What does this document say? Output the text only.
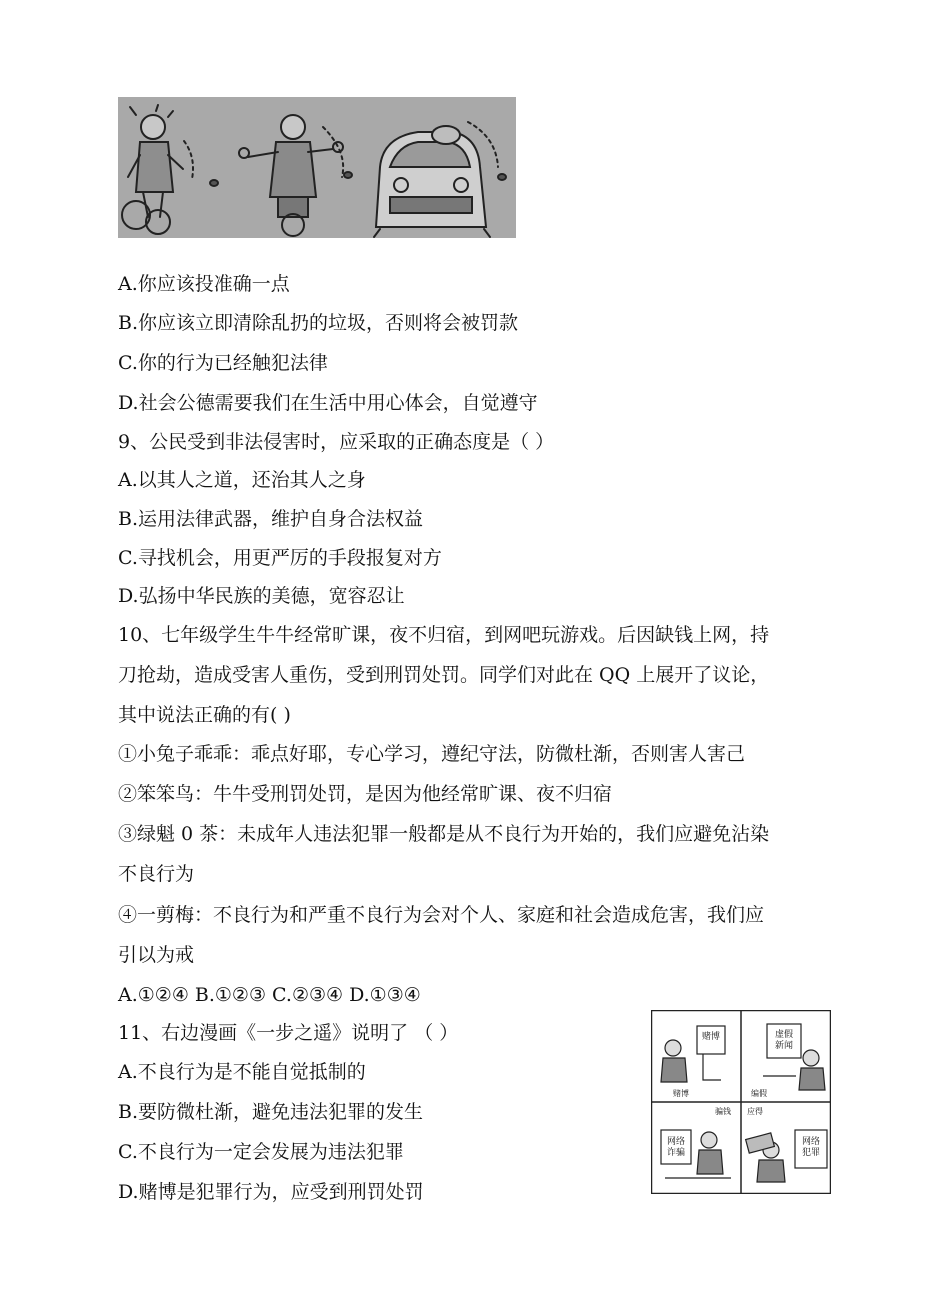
A.你应该投准确一点
B.你应该立即清除乱扔的垃圾，否则将会被罚款
C.你的行为已经触犯法律
D.社会公德需要我们在生活中用心体会，自觉遵守
9、公民受到非法侵害时，应采取的正确态度是（ ）
A.以其人之道，还治其人之身
B.运用法律武器，维护自身合法权益
C.寻找机会，用更严厉的手段报复对方
D.弘扬中华民族的美德，宽容忍让
10、七年级学生牛牛经常旷课，夜不归宿，到网吧玩游戏。后因缺钱上网，持
刀抢劫，造成受害人重伤，受到刑罚处罚。同学们对此在 QQ 上展开了议论，
其中说法正确的有( )
①小兔子乖乖：乖点好耶，专心学习，遵纪守法，防微杜渐，否则害人害己
②笨笨鸟：牛牛受刑罚处罚，是因为他经常旷课、夜不归宿
③绿魁 0 茶：未成年人违法犯罪一般都是从不良行为开始的，我们应避免沾染
不良行为
④一剪梅：不良行为和严重不良行为会对个人、家庭和社会造成危害，我们应
引以为戒
A.①②④ B.①②③ C.②③④ D.①③④
11、右边漫画《一步之遥》说明了 （ ）
A.不良行为是不能自觉抵制的
B.要防微杜渐，避免违法犯罪的发生
C.不良行为一定会发展为违法犯罪
D.赌博是犯罪行为，应受到刑罚处罚
赌博	虚假
新闻
网络
诈骗
网络
犯罪
赌博	编假
骗钱 应得
